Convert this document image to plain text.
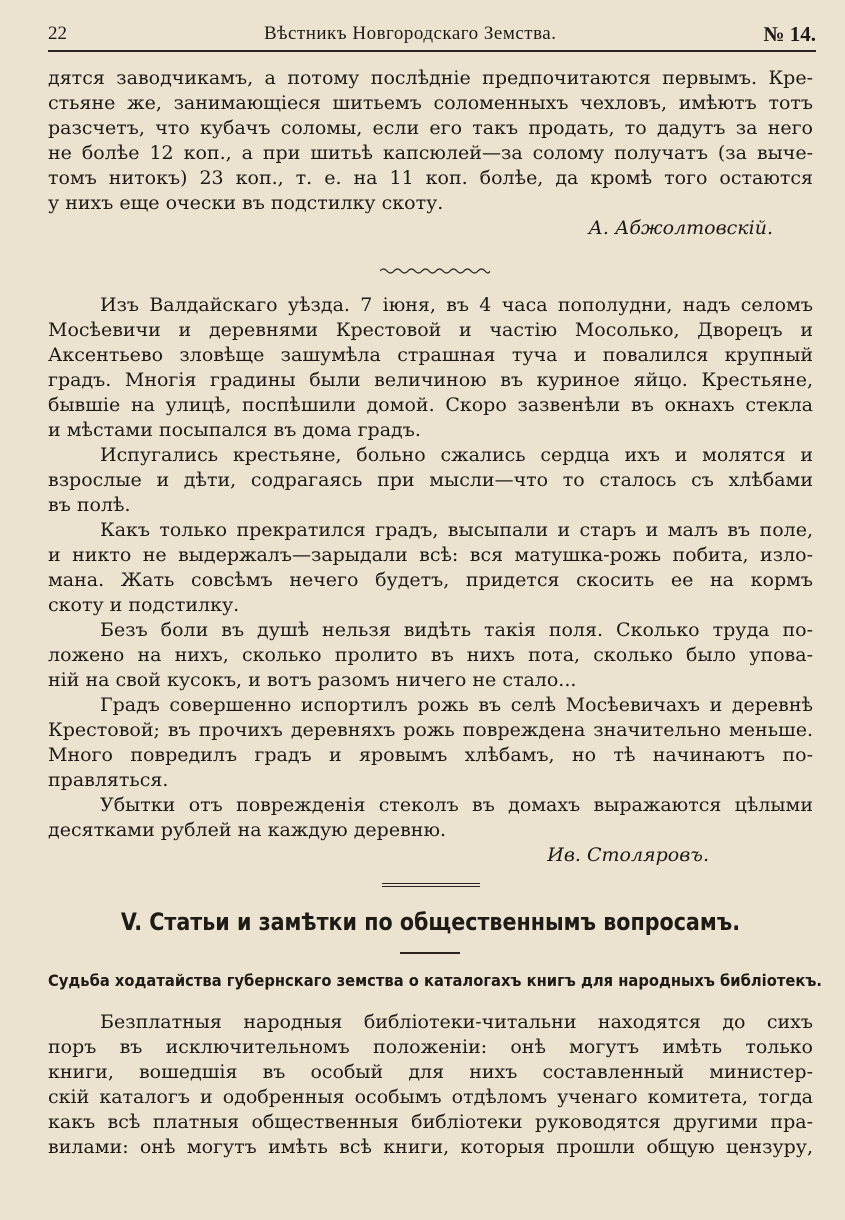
22	Вѣстникъ Новгородскаго Земства.	№ 14.
дятся заводчикамъ, а потому послѣдніе предпочитаются первымъ. Кре-
стьяне же, занимающіеся шитьемъ соломенныхъ чехловъ, имѣютъ тотъ
разсчетъ, что кубачъ соломы, если его такъ продать, то дадутъ за него
не болѣе 12 коп., а при шитьѣ капсюлей—за солому получатъ (за выче-
томъ нитокъ) 23 коп., т. е. на 11 коп. болѣе, да кромѣ того остаются
у нихъ еще очески въ подстилку скоту.
А. Абжолтовскій.
Изъ Валдайскаго уѣзда. 7 іюня, въ 4 часа пополудни, надъ селомъ
Мосѣевичи и деревнями Крестовой и частію Мосолько, Дворецъ и
Аксентьево зловѣще зашумѣла страшная туча и повалился крупный
градъ. Многія градины были величиною въ куриное яйцо. Крестьяне,
бывшіе на улицѣ, поспѣшили домой. Скоро зазвенѣли въ окнахъ стекла
и мѣстами посыпался въ дома градъ.
Испугались крестьяне, больно сжались сердца ихъ и молятся и
взрослые и дѣти, содрагаясь при мысли—что то сталось съ хлѣбами
въ полѣ.
Какъ только прекратился градъ, высыпали и старъ и малъ въ поле,
и никто не выдержалъ—зарыдали всѣ: вся матушка-рожь побита, изло-
мана. Жать совсѣмъ нечего будетъ, придется скосить ее на кормъ
скоту и подстилку.
Безъ боли въ душѣ нельзя видѣть такія поля. Сколько труда по-
ложено на нихъ, сколько пролито въ нихъ пота, сколько было упова-
ній на свой кусокъ, и вотъ разомъ ничего не стало...
Градъ совершенно испортилъ рожь въ селѣ Мосѣевичахъ и деревнѣ
Крестовой; въ прочихъ деревняхъ рожь повреждена значительно меньше.
Много повредилъ градъ и яровымъ хлѣбамъ, но тѣ начинаютъ по-
правляться.
Убытки отъ поврежденія стеколъ въ домахъ выражаются цѣлыми
десятками рублей на каждую деревню.
Ив. Столяровъ.
V. Статьи и замѣтки по общественнымъ вопросамъ.
Судьба ходатайства губернскаго земства о каталогахъ книгъ для народныхъ библіотекъ.
Безплатныя народныя библіотеки-читальни находятся до сихъ
поръ въ исключительномъ положеніи: онѣ могутъ имѣть только
книги, вошедшія въ особый для нихъ составленный министер-
скій каталогъ и одобренныя особымъ отдѣломъ ученаго комитета, тогда
какъ всѣ платныя общественныя библіотеки руководятся другими пра-
вилами: онѣ могутъ имѣть всѣ книги, которыя прошли общую цензуру,
